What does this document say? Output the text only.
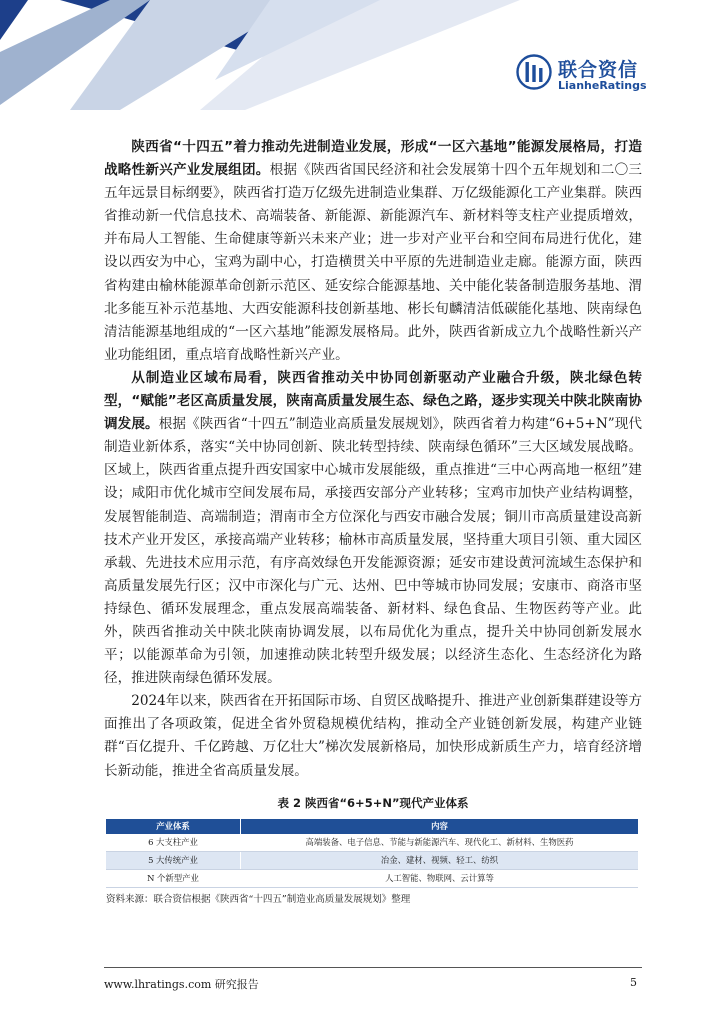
联合资信
LianheRatings

陕西省“十四五”着力推动先进制造业发展，形成“一区六基地”能源发展格局，打造战略性新兴产业发展组团。根据《陕西省国民经济和社会发展第十四个五年规划和二〇三五年远景目标纲要》，陕西省打造万亿级先进制造业集群、万亿级能源化工产业集群。陕西省推动新一代信息技术、高端装备、新能源、新能源汽车、新材料等支柱产业提质增效，并布局人工智能、生命健康等新兴未来产业；进一步对产业平台和空间布局进行优化，建设以西安为中心，宝鸡为副中心，打造横贯关中平原的先进制造业走廊。能源方面，陕西省构建由榆林能源革命创新示范区、延安综合能源基地、关中能化装备制造服务基地、渭北多能互补示范基地、大西安能源科技创新基地、彬长旬麟清洁低碳能化基地、陕南绿色清洁能源基地组成的“一区六基地”能源发展格局。此外，陕西省新成立九个战略性新兴产业功能组团，重点培育战略性新兴产业。

从制造业区域布局看，陕西省推动关中协同创新驱动产业融合升级，陕北绿色转型，“赋能”老区高质量发展，陕南高质量发展生态、绿色之路，逐步实现关中陕北陕南协调发展。根据《陕西省“十四五”制造业高质量发展规划》，陕西省着力构建“6+5+N”现代制造业新体系，落实“关中协同创新、陕北转型持续、陕南绿色循环”三大区域发展战略。区域上，陕西省重点提升西安国家中心城市发展能级，重点推进“三中心两高地一枢纽”建设；咸阳市优化城市空间发展布局，承接西安部分产业转移；宝鸡市加快产业结构调整，发展智能制造、高端制造；渭南市全方位深化与西安市融合发展；铜川市高质量建设高新技术产业开发区，承接高端产业转移；榆林市高质量发展，坚持重大项目引领、重大园区承载、先进技术应用示范，有序高效绿色开发能源资源；延安市建设黄河流域生态保护和高质量发展先行区；汉中市深化与广元、达州、巴中等城市协同发展；安康市、商洛市坚持绿色、循环发展理念，重点发展高端装备、新材料、绿色食品、生物医药等产业。此外，陕西省推动关中陕北陕南协调发展，以布局优化为重点，提升关中协同创新发展水平；以能源革命为引领，加速推动陕北转型升级发展；以经济生态化、生态经济化为路径，推进陕南绿色循环发展。

2024年以来，陕西省在开拓国际市场、自贸区战略提升、推进产业创新集群建设等方面推出了各项政策，促进全省外贸稳规模优结构，推动全产业链创新发展，构建产业链群“百亿提升、千亿跨越、万亿壮大”梯次发展新格局，加快形成新质生产力，培育经济增长新动能，推进全省高质量发展。

表 2 陕西省“6+5+N”现代产业体系
产业体系	内容
6 大支柱产业	高端装备、电子信息、节能与新能源汽车、现代化工、新材料、生物医药
5 大传统产业	冶金、建材、视频、轻工、纺织
N 个新型产业	人工智能、物联网、云计算等
资料来源：联合资信根据《陕西省“十四五”制造业高质量发展规划》整理
www.lhratings.com 研究报告	5
